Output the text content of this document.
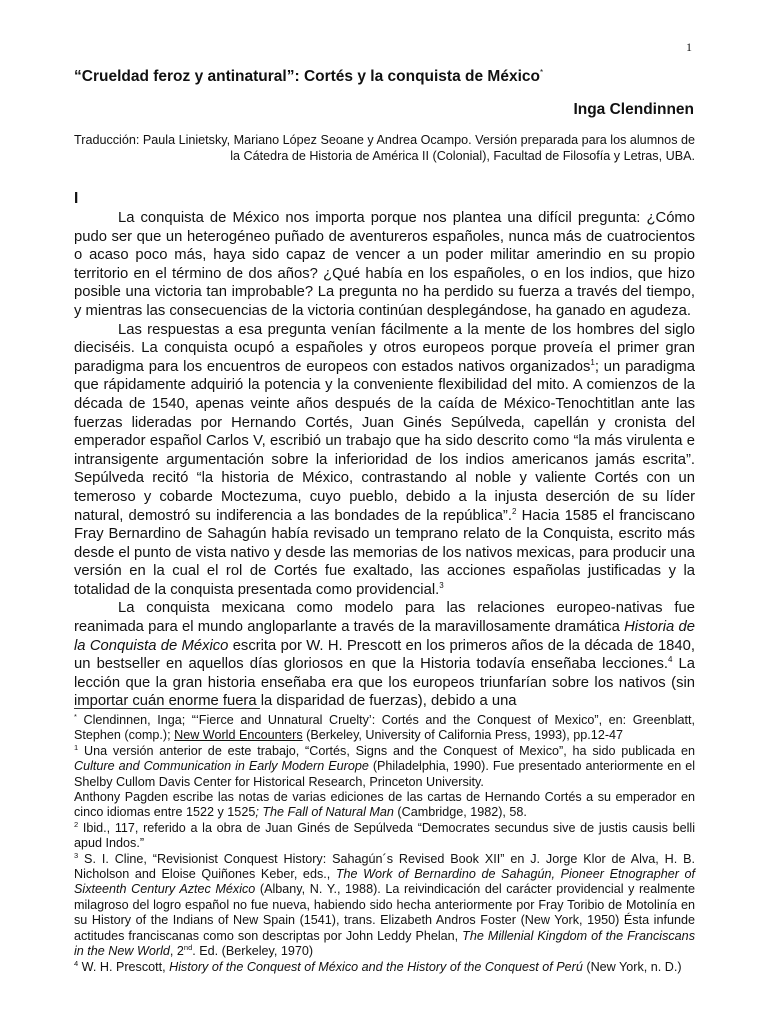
1
“Crueldad feroz y antinatural”: Cortés y la conquista de México*
Inga Clendinnen
Traducción: Paula Linietsky, Mariano López Seoane y Andrea Ocampo. Versión preparada para los alumnos de la Cátedra de Historia de América II (Colonial), Facultad de Filosofía y Letras, UBA.
I

La conquista de México nos importa porque nos plantea una difícil pregunta: ¿Cómo pudo ser que un heterogéneo puñado de aventureros españoles, nunca más de cuatrocientos o acaso poco más, haya sido capaz de vencer a un poder militar amerindio en su propio territorio en el término de dos años? ¿Qué había en los españoles, o en los indios, que hizo posible una victoria tan improbable? La pregunta no ha perdido su fuerza a través del tiempo, y mientras las consecuencias de la victoria continúan desplegándose, ha ganado en agudeza.

Las respuestas a esa pregunta venían fácilmente a la mente de los hombres del siglo dieciséis. La conquista ocupó a españoles y otros europeos porque proveía el primer gran paradigma para los encuentros de europeos con estados nativos organizados$^1$; un paradigma que rápidamente adquirió la potencia y la conveniente flexibilidad del mito. A comienzos de la década de 1540, apenas veinte años después de la caída de México-Tenochtitlan ante las fuerzas lideradas por Hernando Cortés, Juan Ginés Sepúlveda, capellán y cronista del emperador español Carlos V, escribió un trabajo que ha sido descrito como “la más virulenta e intransigente argumentación sobre la inferioridad de los indios americanos jamás escrita”. Sepúlveda recitó “la historia de México, contrastando al noble y valiente Cortés con un temeroso y cobarde Moctezuma, cuyo pueblo, debido a la injusta deserción de su líder natural, demostró su indiferencia a las bondades de la república”.$^2$ Hacia 1585 el franciscano Fray Bernardino de Sahagún había revisado un temprano relato de la Conquista, escrito más desde el punto de vista nativo y desde las memorias de los nativos mexicas, para producir una versión en la cual el rol de Cortés fue exaltado, las acciones españolas justificadas y la totalidad de la conquista presentada como providencial.$^3$

La conquista mexicana como modelo para las relaciones europeo-nativas fue reanimada para el mundo angloparlante a través de la maravillosamente dramática Historia de la Conquista de México escrita por W. H. Prescott en los primeros años de la década de 1840, un bestseller en aquellos días gloriosos en que la Historia todavía enseñaba lecciones.$^4$ La lección que la gran historia enseñaba era que los europeos triunfarían sobre los nativos (sin importar cuán enorme fuera la disparidad de fuerzas), debido a una

* Clendinnen, Inga; “‘Fierce and Unnatural Cruelty’: Cortés and the Conquest of Mexico”, en: Greenblatt, Stephen (comp.); New World Encounters (Berkeley, University of California Press, 1993), pp.12-47
$^1$ Una versión anterior de este trabajo, “Cortés, Signs and the Conquest of Mexico”, ha sido publicada en Culture and Communication in Early Modern Europe (Philadelphia, 1990). Fue presentado anteriormente en el Shelby Cullom Davis Center for Historical Research, Princeton University.
Anthony Pagden escribe las notas de varias ediciones de las cartas de Hernando Cortés a su emperador en cinco idiomas entre 1522 y 1525; The Fall of Natural Man (Cambridge, 1982), 58.
$^2$ Ibid., 117, referido a la obra de Juan Ginés de Sepúlveda “Democrates secundus sive de justis causis belli apud Indos.”
$^3$ S. I. Cline, “Revisionist Conquest History: Sahagún´s Revised Book XII” en J. Jorge Klor de Alva, H. B. Nicholson and Eloise Quiñones Keber, eds., The Work of Bernardino de Sahagún, Pioneer Etnographer of Sixteenth Century Aztec México (Albany, N. Y., 1988). La reivindicación del carácter providencial y realmente milagroso del logro español no fue nueva, habiendo sido hecha anteriormente por Fray Toribio de Motolinía en su History of the Indians of New Spain (1541), trans. Elizabeth Andros Foster (New York, 1950) Ésta infunde actitudes franciscanas como son descriptas por John Leddy Phelan, The Millenial Kingdom of the Franciscans in the New World, 2nd. Ed. (Berkeley, 1970)
$^4$ W. H. Prescott, History of the Conquest of México and the History of the Conquest of Perú (New York, n. D.)
